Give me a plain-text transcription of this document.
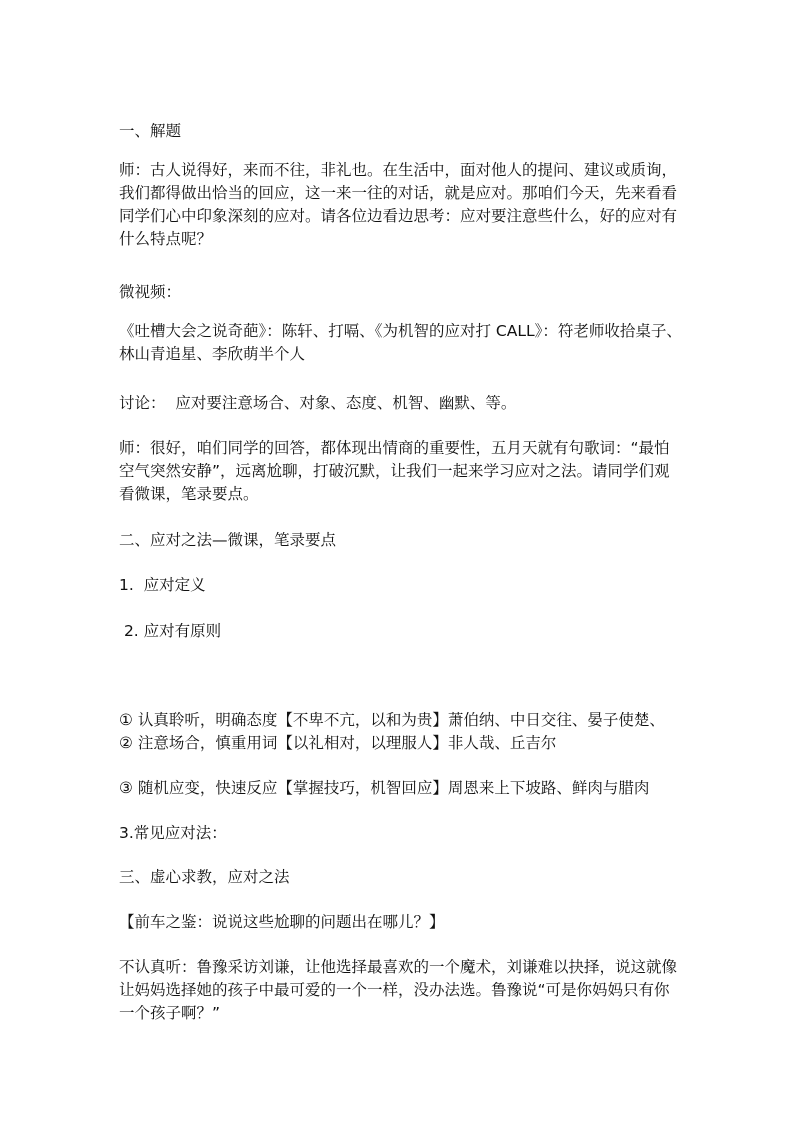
一、解题

师：古人说得好，来而不往，非礼也。在生活中，面对他人的提问、建议或质询，我们都得做出恰当的回应，这一来一往的对话，就是应对。那咱们今天，先来看看同学们心中印象深刻的应对。请各位边看边思考：应对要注意些什么，好的应对有什么特点呢？

微视频：

《吐槽大会之说奇葩》：陈轩、打嗝、《为机智的应对打 CALL》：符老师收拾桌子、林山青追星、李欣萌半个人

讨论：  应对要注意场合、对象、态度、机智、幽默、等。

师：很好，咱们同学的回答，都体现出情商的重要性，五月天就有句歌词：“最怕空气突然安静”，远离尬聊，打破沉默，让我们一起来学习应对之法。请同学们观看微课，笔录要点。

二、应对之法—微课，笔录要点

1.  应对定义

2. 应对有原则

① 认真聆听，明确态度【不卑不亢，以和为贵】萧伯纳、中日交往、晏子使楚、

② 注意场合，慎重用词【以礼相对，以理服人】非人哉、丘吉尔

③ 随机应变，快速反应【掌握技巧，机智回应】周恩来上下坡路、鲜肉与腊肉

3.常见应对法：

三、虚心求教，应对之法

【前车之鉴：说说这些尬聊的问题出在哪儿？】

不认真听：鲁豫采访刘谦，让他选择最喜欢的一个魔术，刘谦难以抉择，说这就像让妈妈选择她的孩子中最可爱的一个一样，没办法选。鲁豫说“可是你妈妈只有你一个孩子啊？”
